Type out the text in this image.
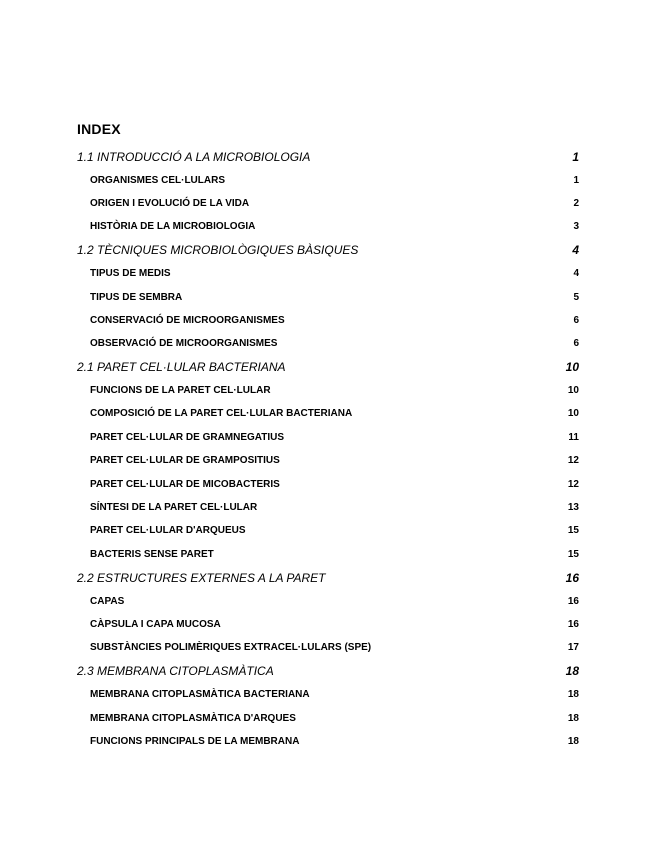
INDEX
1.1 INTRODUCCIÓ A LA MICROBIOLOGIA	1
ORGANISMES CEL·LULARS	1
ORIGEN I EVOLUCIÓ DE LA VIDA	2
HISTÒRIA DE LA MICROBIOLOGIA	3
1.2 TÈCNIQUES MICROBIOLÒGIQUES BÀSIQUES	4
TIPUS DE MEDIS	4
TIPUS DE SEMBRA	5
CONSERVACIÓ DE MICROORGANISMES	6
OBSERVACIÓ DE MICROORGANISMES	6
2.1 PARET CEL·LULAR BACTERIANA	10
FUNCIONS DE LA PARET CEL·LULAR	10
COMPOSICIÓ DE LA PARET CEL·LULAR BACTERIANA	10
PARET CEL·LULAR DE GRAMNEGATIUS	11
PARET CEL·LULAR DE GRAMPOSITIUS	12
PARET CEL·LULAR DE MICOBACTERIS	12
SÍNTESI DE LA PARET CEL·LULAR	13
PARET CEL·LULAR D'ARQUEUS	15
BACTERIS SENSE PARET	15
2.2 ESTRUCTURES EXTERNES A LA PARET	16
CAPAS	16
CÀPSULA I CAPA MUCOSA	16
SUBSTÀNCIES POLIMÈRIQUES EXTRACEL·LULARS (SPE)	17
2.3 MEMBRANA CITOPLASMÀTICA	18
MEMBRANA CITOPLASMÀTICA BACTERIANA	18
MEMBRANA CITOPLASMÀTICA D'ARQUES	18
FUNCIONS PRINCIPALS DE LA MEMBRANA	18
